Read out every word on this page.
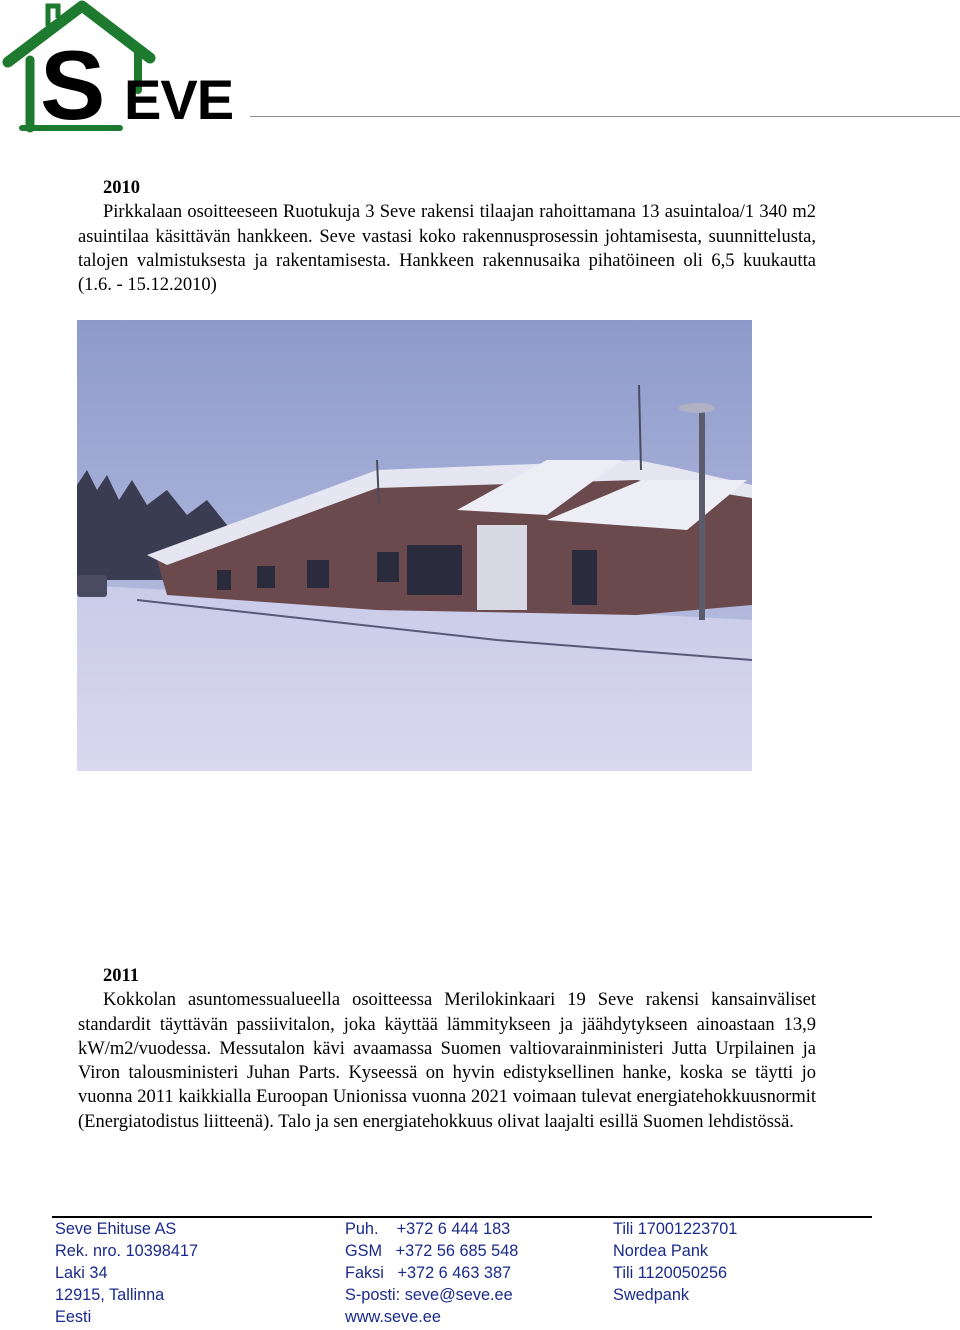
S EVE
2010

Pirkkalaan osoitteeseen Ruotukuja 3 Seve rakensi tilaajan rahoittamana 13 asuintaloa/1 340 m2 asuintilaa käsittävän hankkeen. Seve vastasi koko rakennusprosessin johtamisesta, suunnittelusta, talojen valmistuksesta ja rakentamisesta. Hankkeen rakennusaika pihatöineen oli 6,5 kuukautta (1.6. - 15.12.2010)

2011

Kokkolan asuntomessualueella osoitteessa Merilokinkaari 19 Seve rakensi kansainväliset standardit täyttävän passiivitalon, joka käyttää lämmitykseen ja jäähdytykseen ainoastaan 13,9 kW/m2/vuodessa. Messutalon kävi avaamassa Suomen valtiovarainministeri Jutta Urpilainen ja Viron talousministeri Juhan Parts. Kyseessä on hyvin edistyksellinen hanke, koska se täytti jo vuonna 2011 kaikkialla Euroopan Unionissa vuonna 2021 voimaan tulevat energiatehokkuusnormit (Energiatodistus liitteenä). Talo ja sen energiatehokkuus olivat laajalti esillä Suomen lehdistössä.

Seve Ehituse AS
Rek. nro. 10398417
Laki 34
12915, Tallinna
Eesti
Puh.    +372 6 444 183
GSM   +372 56 685 548
Faksi   +372 6 463 387
S-posti: seve@seve.ee
www.seve.ee
Tili 17001223701
Nordea Pank
Tili 1120050256
Swedpank
